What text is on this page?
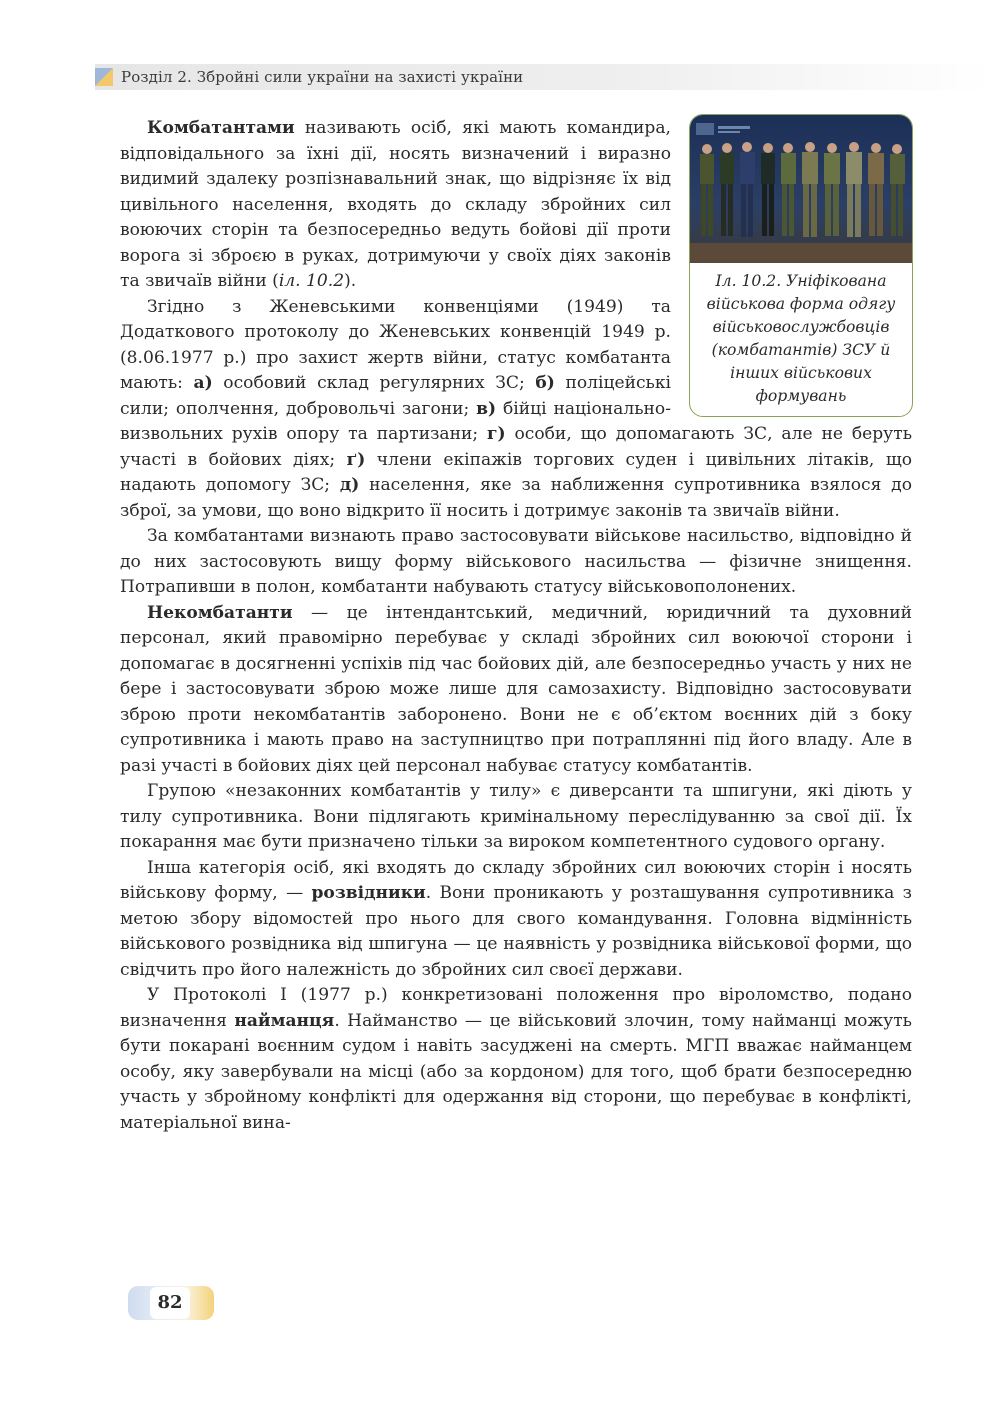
Розділ 2. Збройні сили україни на захисті україни
Іл. 10.2. Уніфікована військова форма одягу військовослужбовців (комбатантів) ЗСУ й інших військових формувань

Комбатантами називають осіб, які мають командира, відповідального за їхні дії, носять визначений і виразно видимий здалеку розпізнавальний знак, що відрізняє їх від цивільного населення, входять до складу збройних сил воюючих сторін та безпосередньо ведуть бойові дії проти ворога зі зброєю в руках, дотримуючи у своїх діях законів та звичаїв війни (іл. 10.2).

Згідно з Женевськими конвенціями (1949) та Додаткового протоколу до Женевських конвенцій 1949 р. (8.06.1977 р.) про захист жертв війни, статус комбатанта мають: а) особовий склад регулярних ЗС; б) поліцейські сили; ополчення, добровольчі загони; в) бійці національно-визвольних рухів опору та партизани; г) особи, що допомагають ЗС, але не беруть участі в бойових діях; ґ) члени екіпажів торгових суден і цивільних літаків, що надають допомогу ЗС; д) населення, яке за наближення супротивника взялося до зброї, за умови, що воно відкрито її носить і дотримує законів та звичаїв війни.

За комбатантами визнають право застосовувати військове насильство, відповідно й до них застосовують вищу форму військового насильства — фізичне знищення. Потрапивши в полон, комбатанти набувають статусу військовополонених.

Некомбатанти — це інтендантський, медичний, юридичний та духовний персонал, який правомірно перебуває у складі збройних сил воюючої сторони і допомагає в досягненні успіхів під час бойових дій, але безпосередньо участь у них не бере і застосовувати зброю може лише для самозахисту. Відповідно застосовувати зброю проти некомбатантів заборонено. Вони не є об’єктом воєнних дій з боку супротивника і мають право на заступництво при потраплянні під його владу. Але в разі участі в бойових діях цей персонал набуває статусу комбатантів.

Групою «незаконних комбатантів у тилу» є диверсанти та шпигуни, які діють у тилу супротивника. Вони підлягають кримінальному переслідуванню за свої дії. Їх покарання має бути призначено тільки за вироком компетентного судового органу.

Інша категорія осіб, які входять до складу збройних сил воюючих сторін і носять військову форму, — розвідники. Вони проникають у розташування супротивника з метою збору відомостей про нього для свого командування. Головна відмінність військового розвідника від шпигуна — це наявність у розвідника військової форми, що свідчить про його належність до збройних сил своєї держави.

У Протоколі І (1977 р.) конкретизовані положення про віроломство, подано визначення найманця. Найманство — це військовий злочин, тому найманці можуть бути покарані воєнним судом і навіть засуджені на смерть. МГП вважає найманцем особу, яку завербували на місці (або за кордоном) для того, щоб брати безпосередню участь у збройному конфлікті для одержання від сторони, що перебуває в конфлікті, матеріальної вина-

82
